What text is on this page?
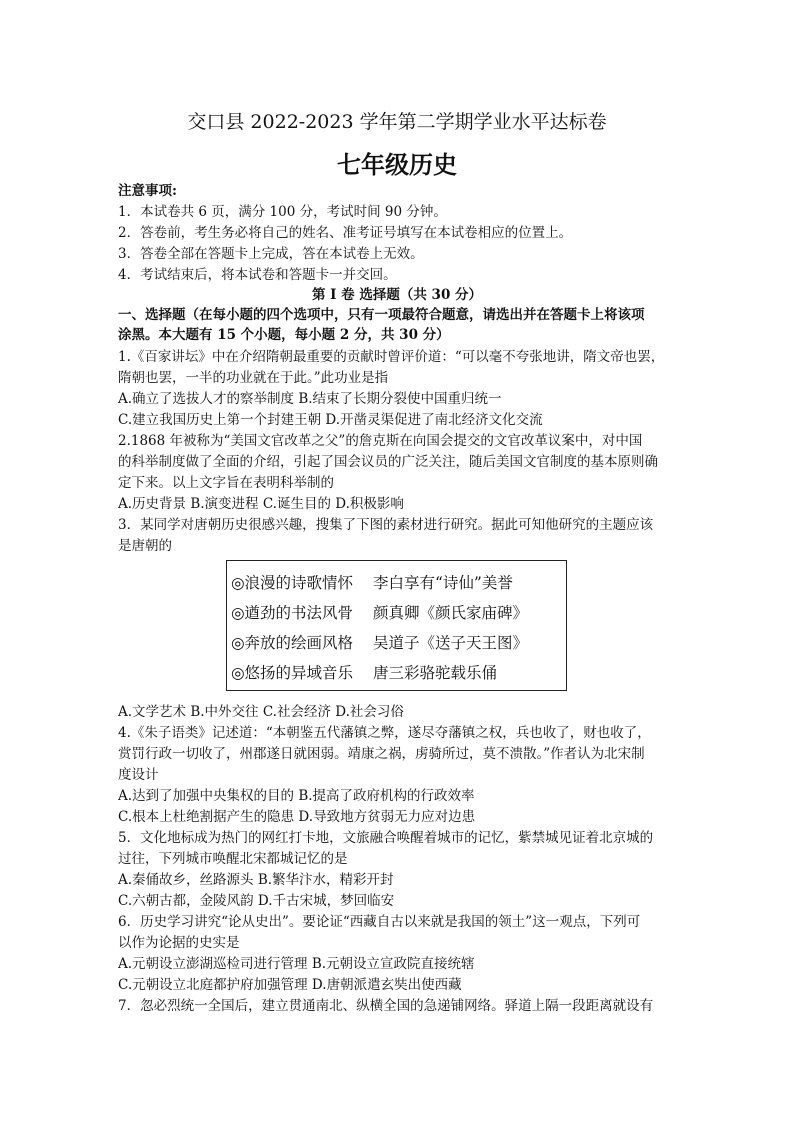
交口县 2022-2023 学年第二学期学业水平达标卷
七年级历史
注意事项:
1．本试卷共 6 页，满分 100 分，考试时间 90 分钟。
2．答卷前，考生务必将自己的姓名、准考证号填写在本试卷相应的位置上。
3．答卷全部在答题卡上完成，答在本试卷上无效。
4．考试结束后，将本试卷和答题卡一并交回。
第 I 卷 选择题（共 30 分）
一、选择题（在每小题的四个选项中，只有一项最符合题意，请选出并在答题卡上将该项
涂黑。本大题有 15 个小题，每小题 2 分，共 30 分）
1.《百家讲坛》中在介绍隋朝最重要的贡献时曾评价道：“可以毫不夸张地讲，隋文帝也罢，
隋朝也罢，一半的功业就在于此。”此功业是指
A.确立了选拔人才的察举制度 B.结束了长期分裂使中国重归统一
C.建立我国历史上第一个封建王朝 D.开凿灵渠促进了南北经济文化交流
2.1868 年被称为“美国文官改革之父”的詹克斯在向国会提交的文官改革议案中，对中国
的科举制度做了全面的介绍，引起了国会议员的广泛关注，随后美国文官制度的基本原则确
定下来。以上文字旨在表明科举制的
A.历史背景 B.演变进程 C.诞生目的 D.积极影响
3．某同学对唐朝历史很感兴趣，搜集了下图的素材进行研究。据此可知他研究的主题应该
是唐朝的
◎浪漫的诗歌情怀 李白享有“诗仙”美誉
◎遒劲的书法风骨 颜真卿《颜氏家庙碑》
◎奔放的绘画风格 吴道子《送子天王图》
◎悠扬的异域音乐 唐三彩骆驼载乐俑
A.文学艺术 B.中外交往 C.社会经济 D.社会习俗
4.《朱子语类》记述道：“本朝鉴五代藩镇之弊，遂尽夺藩镇之权，兵也收了，财也收了，
赏罚行政一切收了，州郡遂日就困弱。靖康之祸，虏骑所过，莫不溃散。”作者认为北宋制
度设计
A.达到了加强中央集权的目的 B.提高了政府机构的行政效率
C.根本上杜绝割据产生的隐患 D.导致地方贫弱无力应对边患
5．文化地标成为热门的网红打卡地，文旅融合唤醒着城市的记忆，紫禁城见证着北京城的
过往，下列城市唤醒北宋都城记忆的是
A.秦俑故乡，丝路源头 B.繁华汴水，精彩开封
C.六朝古都，金陵风韵 D.千古宋城，梦回临安
6．历史学习讲究“论从史出”。要论证“西藏自古以来就是我国的领土”这一观点，下列可
以作为论据的史实是
A.元朝设立澎湖巡检司进行管理 B.元朝设立宣政院直接统辖
C.元朝设立北庭都护府加强管理 D.唐朝派遣玄奘出使西藏
7．忽必烈统一全国后，建立贯通南北、纵横全国的急递铺网络。驿道上隔一段距离就设有
